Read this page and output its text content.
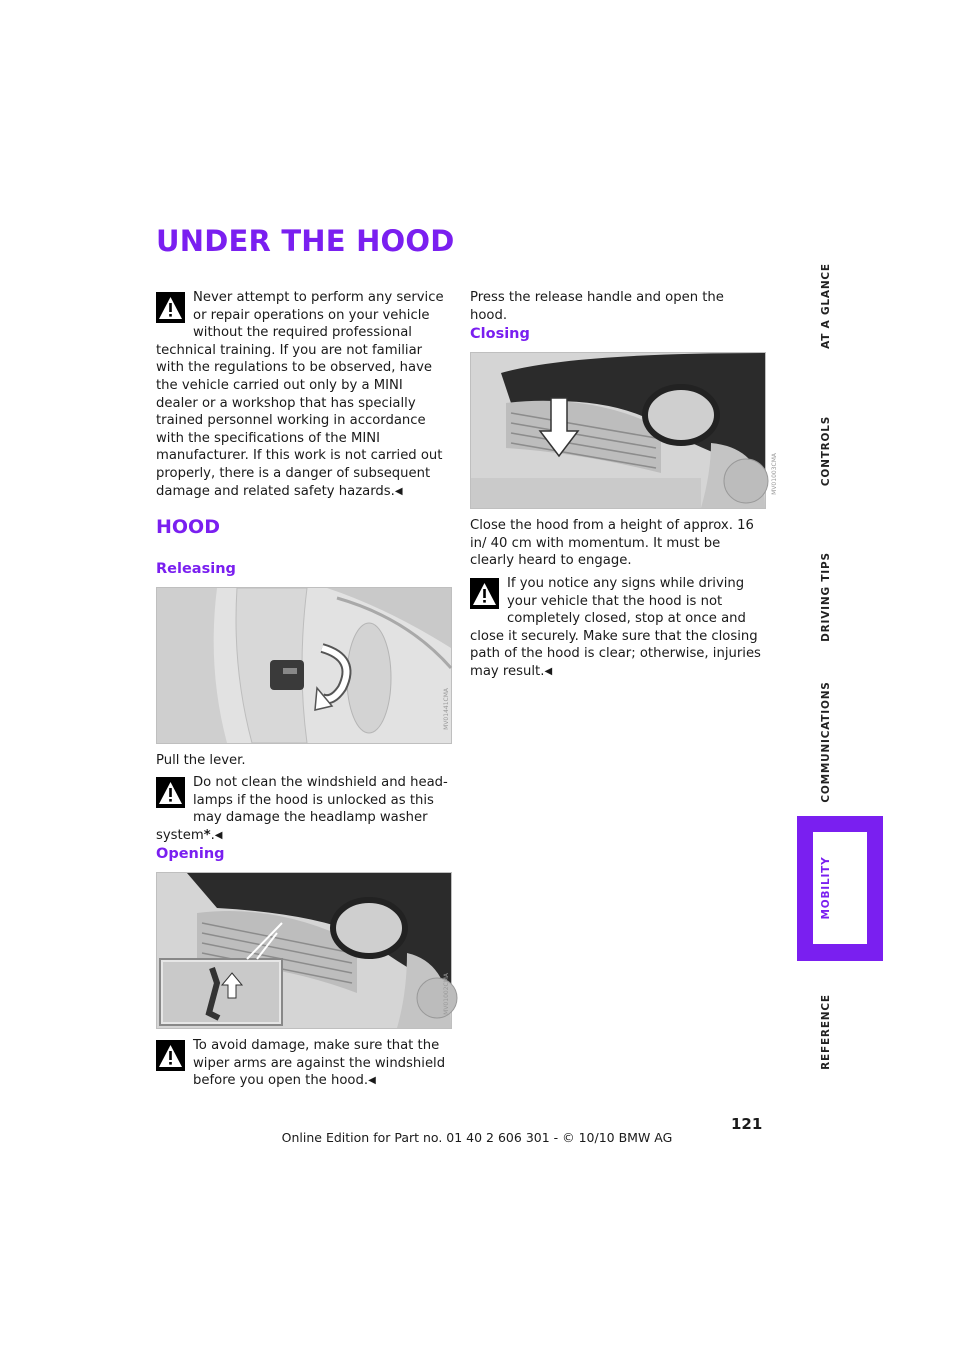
UNDER THE HOOD
Never attempt to perform any service or repair operations on your vehicle without the required professional technical training. If you are not familiar with the regulations to be observed, have the vehicle carried out only by a MINI dealer or a workshop that has specially trained personnel working in accordance with the specifications of the MINI manufacturer. If this work is not carried out properly, there is a danger of subsequent damage and related safety hazards.◀
HOOD
Releasing
MV01441CMA

Pull the lever.

Do not clean the windshield and head-lamps if the hood is unlocked as this may damage the headlamp washer system*.◀
Opening
MV01002CMA
To avoid damage, make sure that the wiper arms are against the windshield before you open the hood.◀

Press the release handle and open the hood.

Closing
MV01003CMA

Close the hood from a height of approx. 16 in/ 40 cm with momentum. It must be clearly heard to engage.

If you notice any signs while driving your vehicle that the hood is not completely closed, stop at once and close it securely. Make sure that the closing path of the hood is clear; otherwise, injuries may result.◀
AT A GLANCE
CONTROLS
DRIVING TIPS
COMMUNICATIONS
MOBILITY
REFERENCE
121
Online Edition for Part no. 01 40 2 606 301 - © 10/10 BMW AG
